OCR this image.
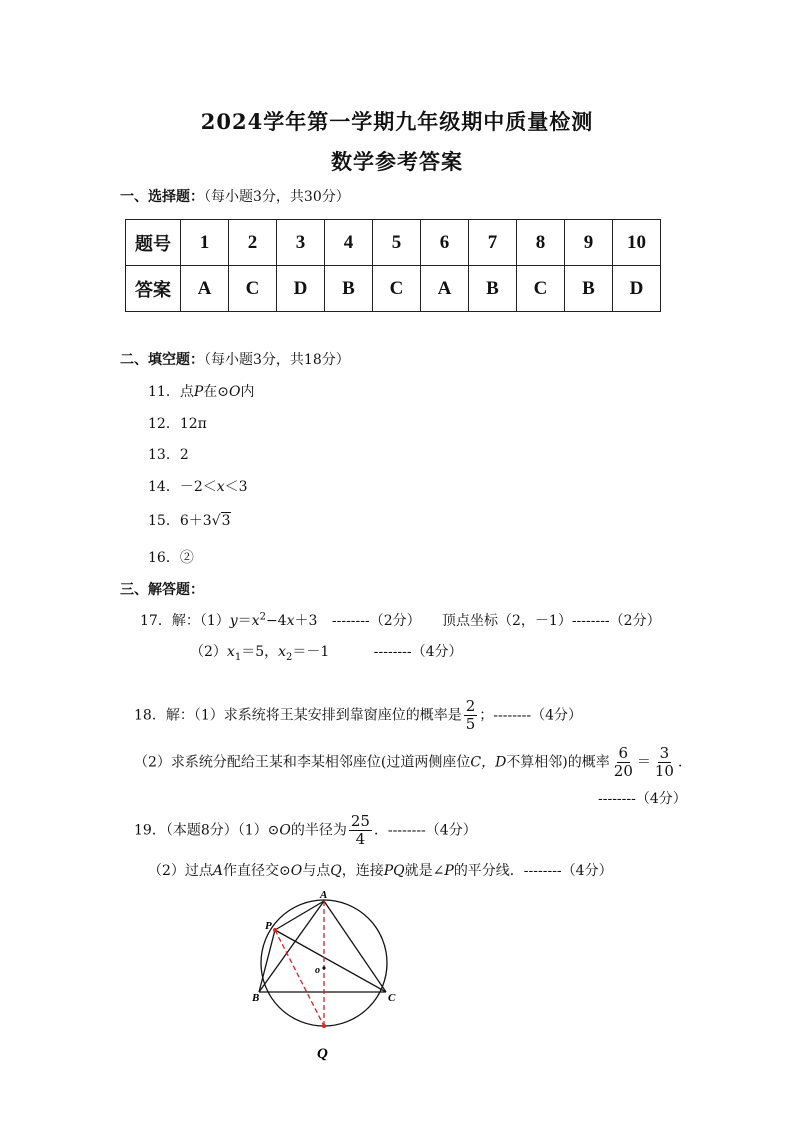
2024学年第一学期九年级期中质量检测
数学参考答案
一、选择题：（每小题3分，共30分）
题号	1	2	3	4	5	6	7	8	9	10
答案	A	C	D	B	C	A	B	C	B	D
二、填空题：（每小题3分，共18分）
11．点P在⊙O内
12．12π
13．2
14．－2＜x＜3
15．6＋3√3
16．②
三、解答题：
17．解：$(1)y=x^2-4x+3$ --------（2分） 顶点坐标（2，－1）--------（2分）
$(2)x_1=5$，$x_2=-1$	--------（4分）
18．解：（1）求系统将王某安排到靠窗座位的概率是 $\frac{2}{5}$ ；--------（4分）
（2）求系统分配给王某和李某相邻座位(过道两侧座位C，D不算相邻)的概率 $\frac{6}{20} = \frac{3}{10}$ ．
--------（4分）
19．（本题8分）（1）⊙O的半径为 $\frac{25}{4}$ ．--------（4分）
（2）过点A作直径交⊙O与点Q，连接PQ就是∠P的平分线．--------（4分）
A
P
B	C
o
Q
